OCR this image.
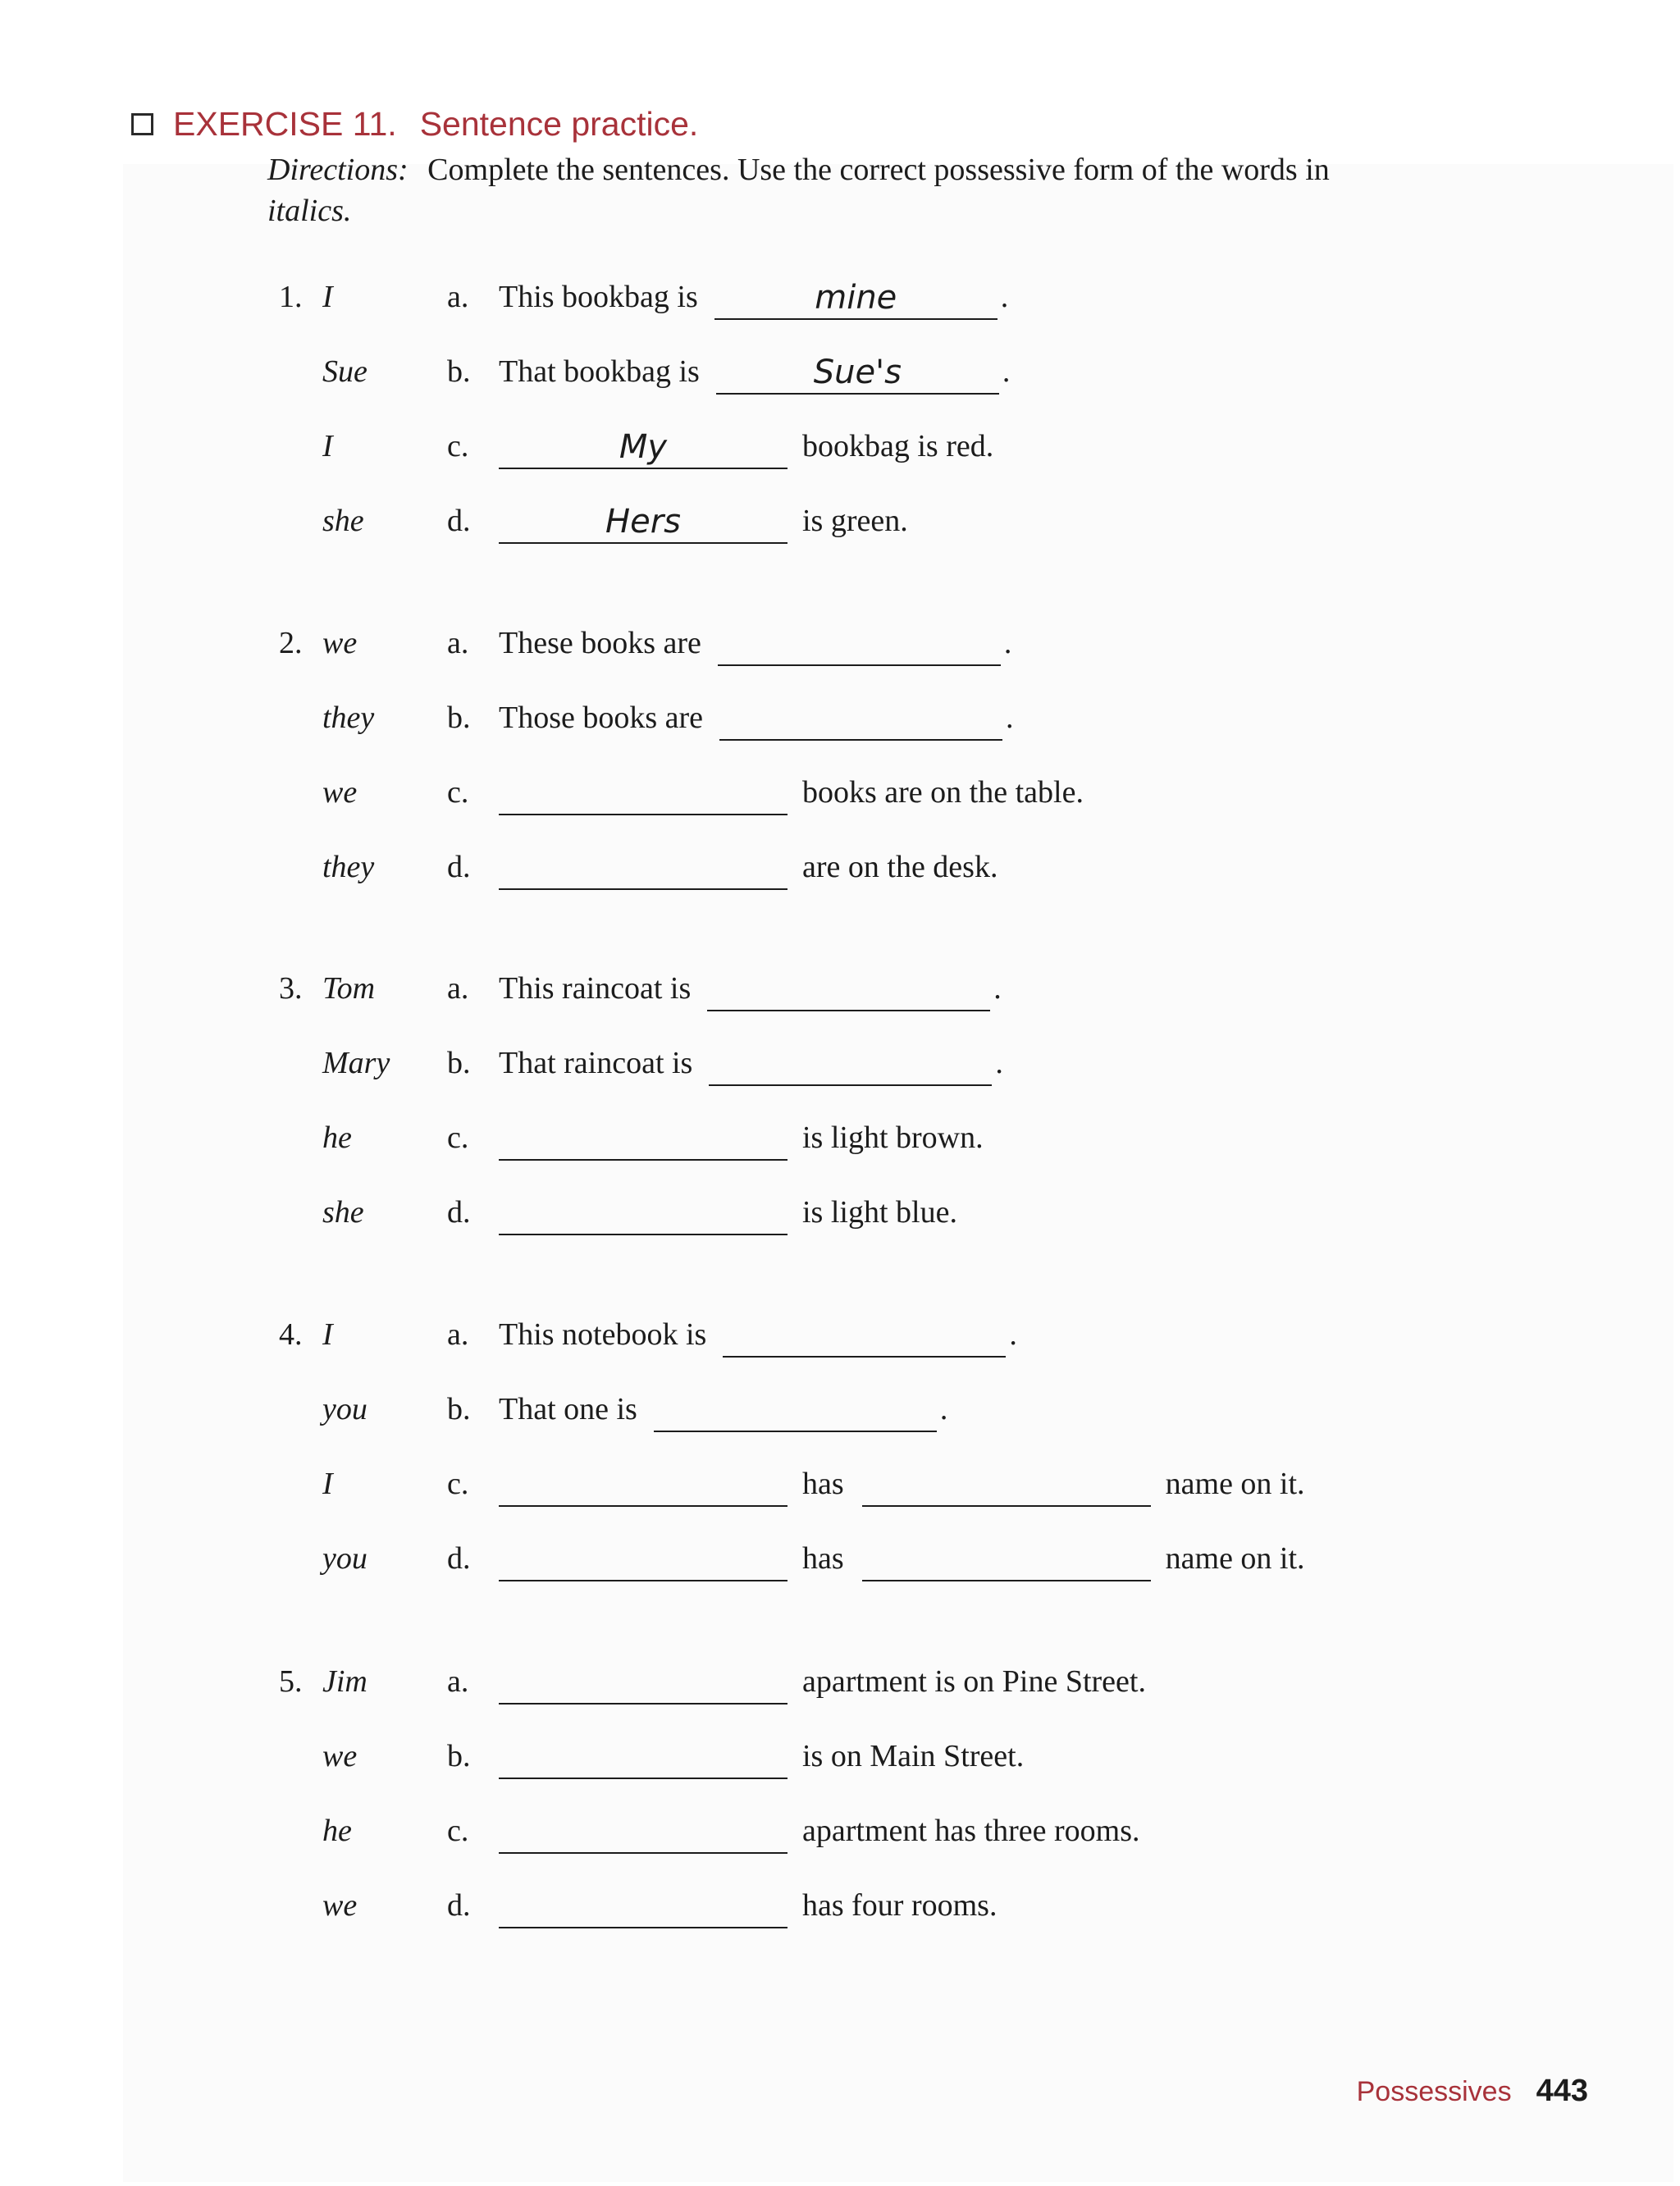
EXERCISE 11. Sentence practice.
Directions: Complete the sentences. Use the correct possessive form of the words in
italics.
1. I	a. This bookbag is	mine	.
Sue	b. That bookbag is	Sue's	.
I	c.	My	bookbag is red.
she	d.	Hers	is green.
2. we	a. These books are	.
they b. Those books are	.
we	c.	books are on the table.
they d.	are on the desk.
3. Tom a. This raincoat is	.
Mary b. That raincoat is	.
he	c.	is light brown.
she	d.	is light blue.
4. I	a. This notebook is	.
you	b. That one is	.
I	c.	has	name on it.
you	d.	has	name on it.
5. Jim	a.	apartment is on Pine Street.
we	b.	is on Main Street.
he	c.	apartment has three rooms.
we	d.	has four rooms.
Possessives 443
